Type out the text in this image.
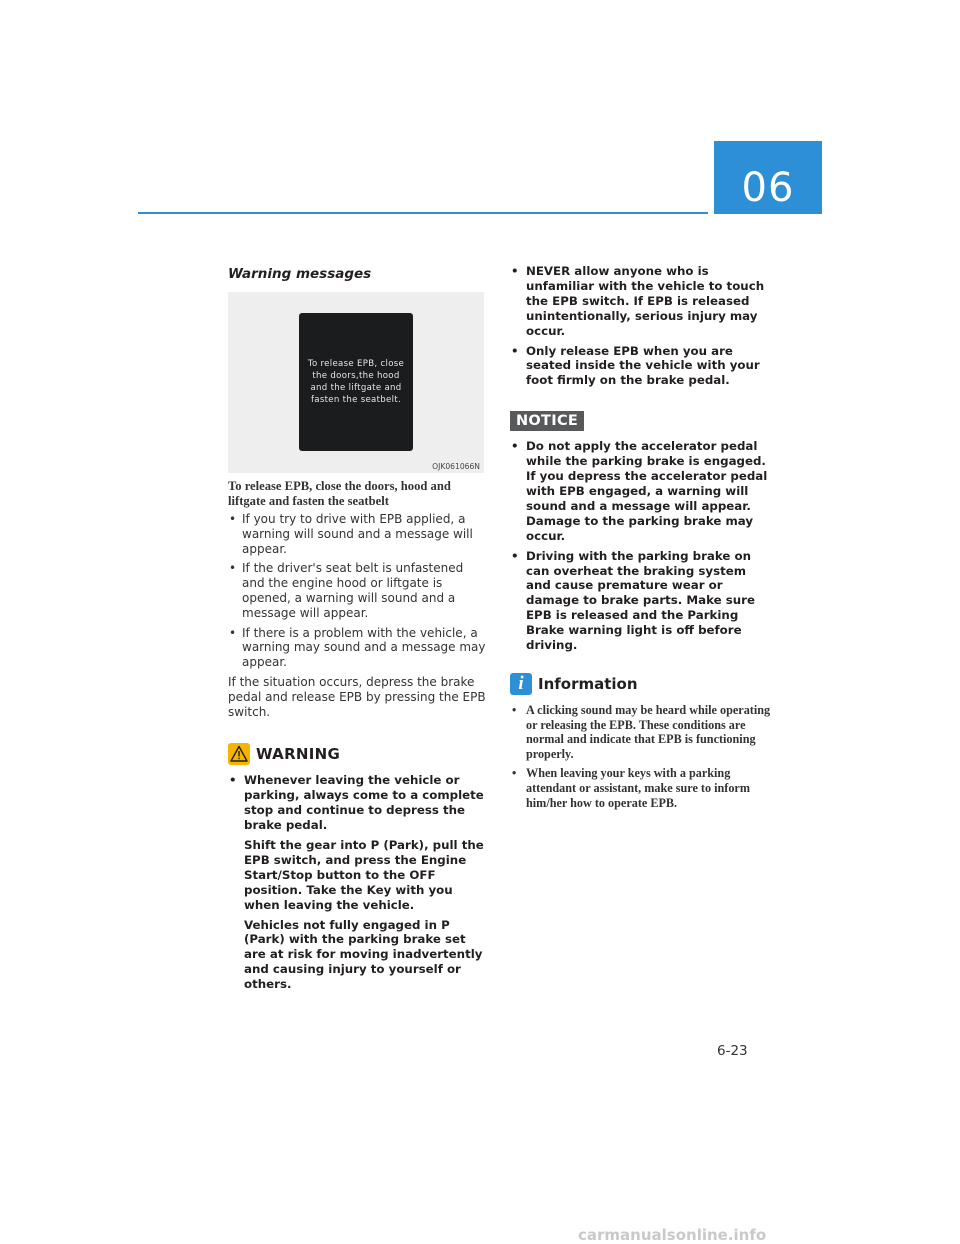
06
Warning messages
To release EPB, close the doors,the hood and the liftgate and fasten the seatbelt.
OJK061066N
To release EPB, close the doors, hood and liftgate and fasten the seatbelt
• If you try to drive with EPB applied, a warning will sound and a message will appear.
• If the driver's seat belt is unfastened and the engine hood or liftgate is opened, a warning will sound and a message will appear.
• If there is a problem with the vehicle, a warning may sound and a message may appear.

If the situation occurs, depress the brake pedal and release EPB by pressing the EPB switch.

WARNING
• Whenever leaving the vehicle or parking, always come to a complete stop and continue to depress the brake pedal.
Shift the gear into P (Park), pull the EPB switch, and press the Engine Start/Stop button to the OFF position. Take the Key with you when leaving the vehicle.
Vehicles not fully engaged in P (Park) with the parking brake set are at risk for moving inadvertently and causing injury to yourself or others.
• NEVER allow anyone who is unfamiliar with the vehicle to touch the EPB switch. If EPB is released unintentionally, serious injury may occur.
• Only release EPB when you are seated inside the vehicle with your foot firmly on the brake pedal.
NOTICE
• Do not apply the accelerator pedal while the parking brake is engaged. If you depress the accelerator pedal with EPB engaged, a warning will sound and a message will appear. Damage to the parking brake may occur.
• Driving with the parking brake on can overheat the braking system and cause premature wear or damage to brake parts. Make sure EPB is released and the Parking Brake warning light is off before driving.
i Information
• A clicking sound may be heard while operating or releasing the EPB. These conditions are normal and indicate that EPB is functioning properly.
• When leaving your keys with a parking attendant or assistant, make sure to inform him/her how to operate EPB.
6-23
carmanualsonline.info
